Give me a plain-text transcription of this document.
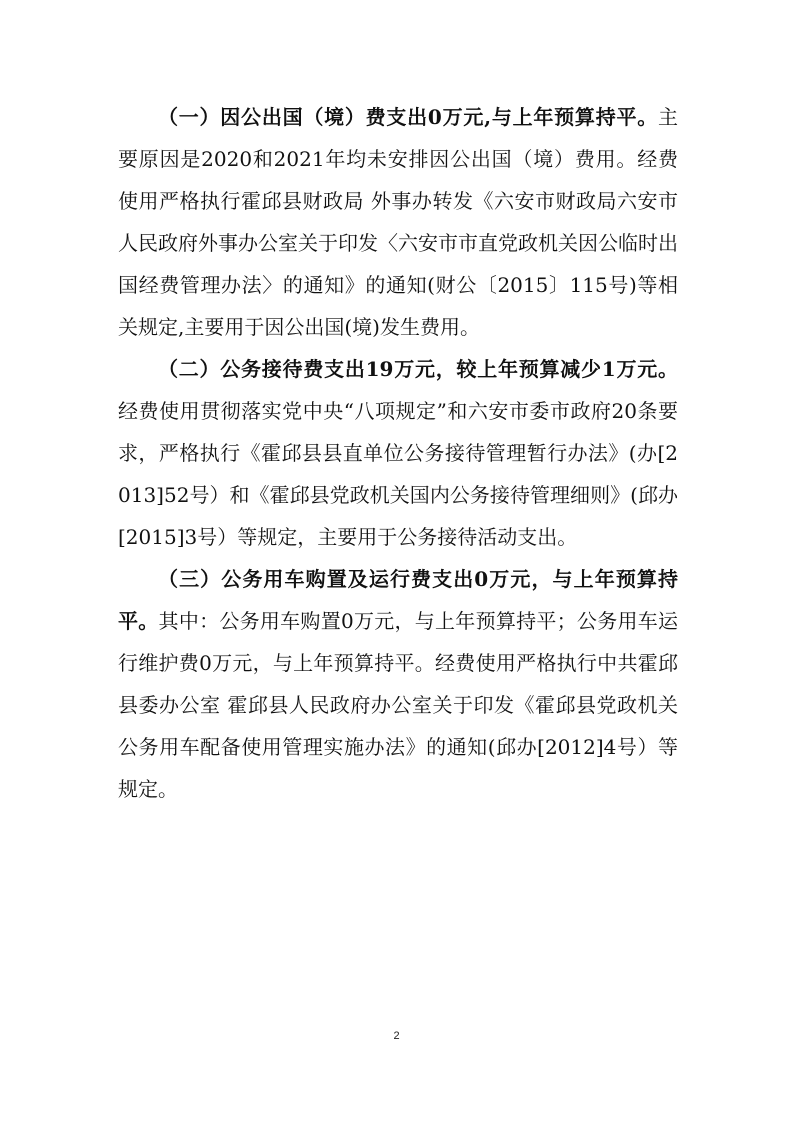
（一）因公出国（境）费支出0万元,与上年预算持平。主要原因是2020和2021年均未安排因公出国（境）费用。经费使用严格执行霍邱县财政局 外事办转发《六安市财政局六安市人民政府外事办公室关于印发〈六安市市直党政机关因公临时出国经费管理办法〉的通知》的通知(财公〔2015〕115号)等相关规定,主要用于因公出国(境)发生费用。

（二）公务接待费支出19万元，较上年预算减少1万元。经费使用贯彻落实党中央“八项规定”和六安市委市政府20条要求，严格执行《霍邱县县直单位公务接待管理暂行办法》(办[2013]52号）和《霍邱县党政机关国内公务接待管理细则》(邱办[2015]3号）等规定，主要用于公务接待活动支出。

（三）公务用车购置及运行费支出0万元，与上年预算持平。其中：公务用车购置0万元，与上年预算持平；公务用车运行维护费0万元，与上年预算持平。经费使用严格执行中共霍邱县委办公室 霍邱县人民政府办公室关于印发《霍邱县党政机关公务用车配备使用管理实施办法》的通知(邱办[2012]4号）等规定。

2
